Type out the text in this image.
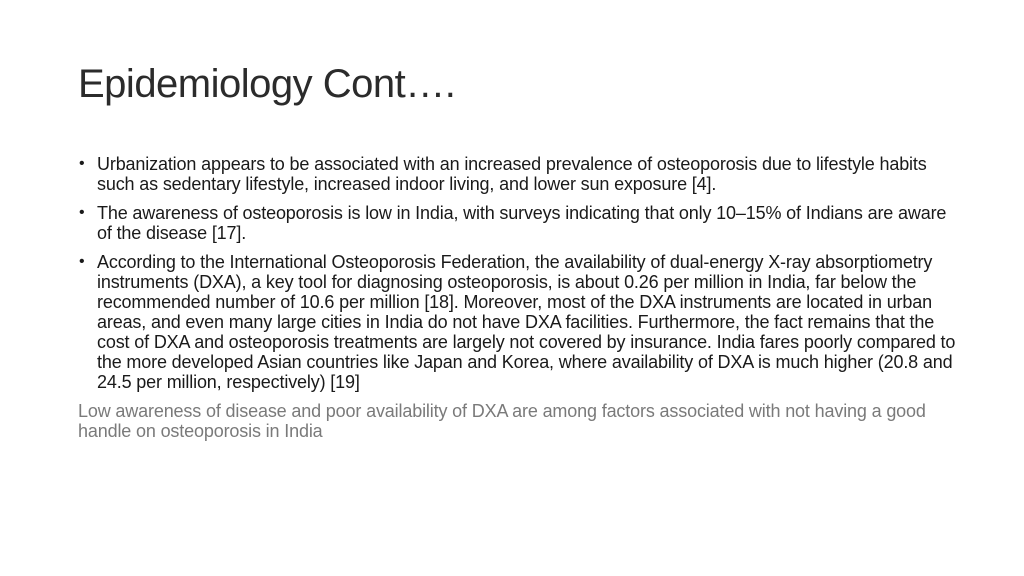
Epidemiology Cont….
• Urbanization appears to be associated with an increased prevalence of osteoporosis due to lifestyle habits such as sedentary lifestyle, increased indoor living, and lower sun exposure [4].
• The awareness of osteoporosis is low in India, with surveys indicating that only 10–15% of Indians are aware of the disease [17].
• According to the International Osteoporosis Federation, the availability of dual-energy X-ray absorptiometry instruments (DXA), a key tool for diagnosing osteoporosis, is about 0.26 per million in India, far below the recommended number of 10.6 per million [18]. Moreover, most of the DXA instruments are located in urban areas, and even many large cities in India do not have DXA facilities. Furthermore, the fact remains that the cost of DXA and osteoporosis treatments are largely not covered by insurance. India fares poorly compared to the more developed Asian countries like Japan and Korea, where availability of DXA is much higher (20.8 and 24.5 per million, respectively) [19]

Low awareness of disease and poor availability of DXA are among factors associated with not having a good handle on osteoporosis in India
